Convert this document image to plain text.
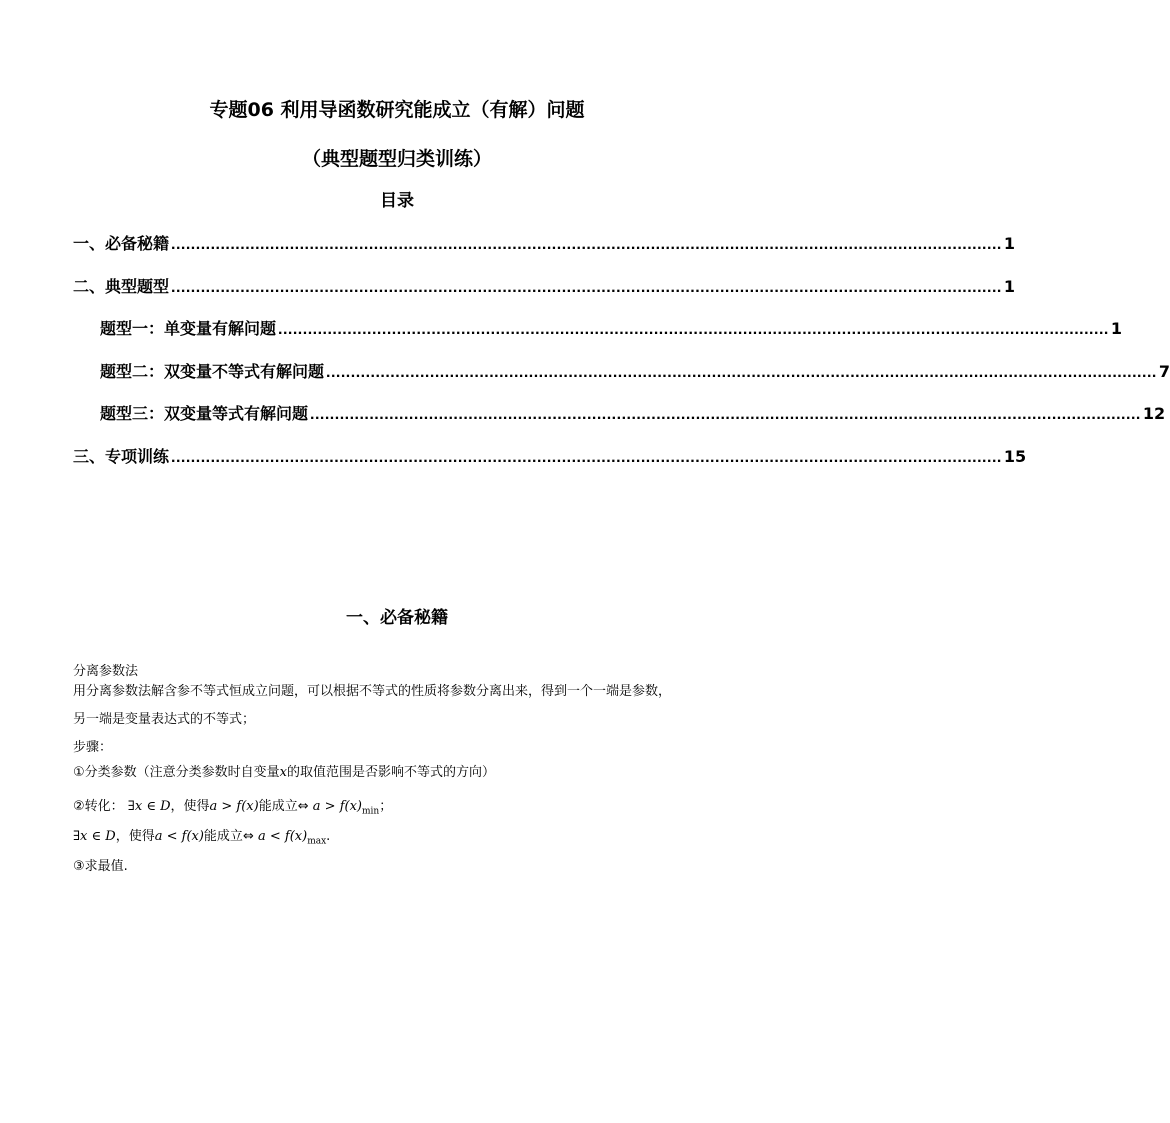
专题06 利用导函数研究能成立（有解）问题
（典型题型归类训练）
目录
一、必备秘籍 ........................................................................................................................................................................ 1
二、典型题型 ........................................................................................................................................................................ 1
题型一：单变量有解问题 ........................................................................................................................................................................ 1
题型二：双变量不等式有解问题 ........................................................................................................................................................................ 7
题型三：双变量等式有解问题 ........................................................................................................................................................................ 12
三、专项训练 ........................................................................................................................................................................ 15
一、必备秘籍
分离参数法
用分离参数法解含参不等式恒成立问题，可以根据不等式的性质将参数分离出来，得到一个一端是参数，
另一端是变量表达式的不等式；
步骤：
①分类参数（注意分类参数时自变量x的取值范围是否影响不等式的方向）
②转化： ∃x ∈ D，使得a > f(x)能成立⇔ $a > f(x)_{min}$；
∃x ∈ D，使得a < f(x)能成立⇔ $a < f(x)_{max}$.
③求最值.
